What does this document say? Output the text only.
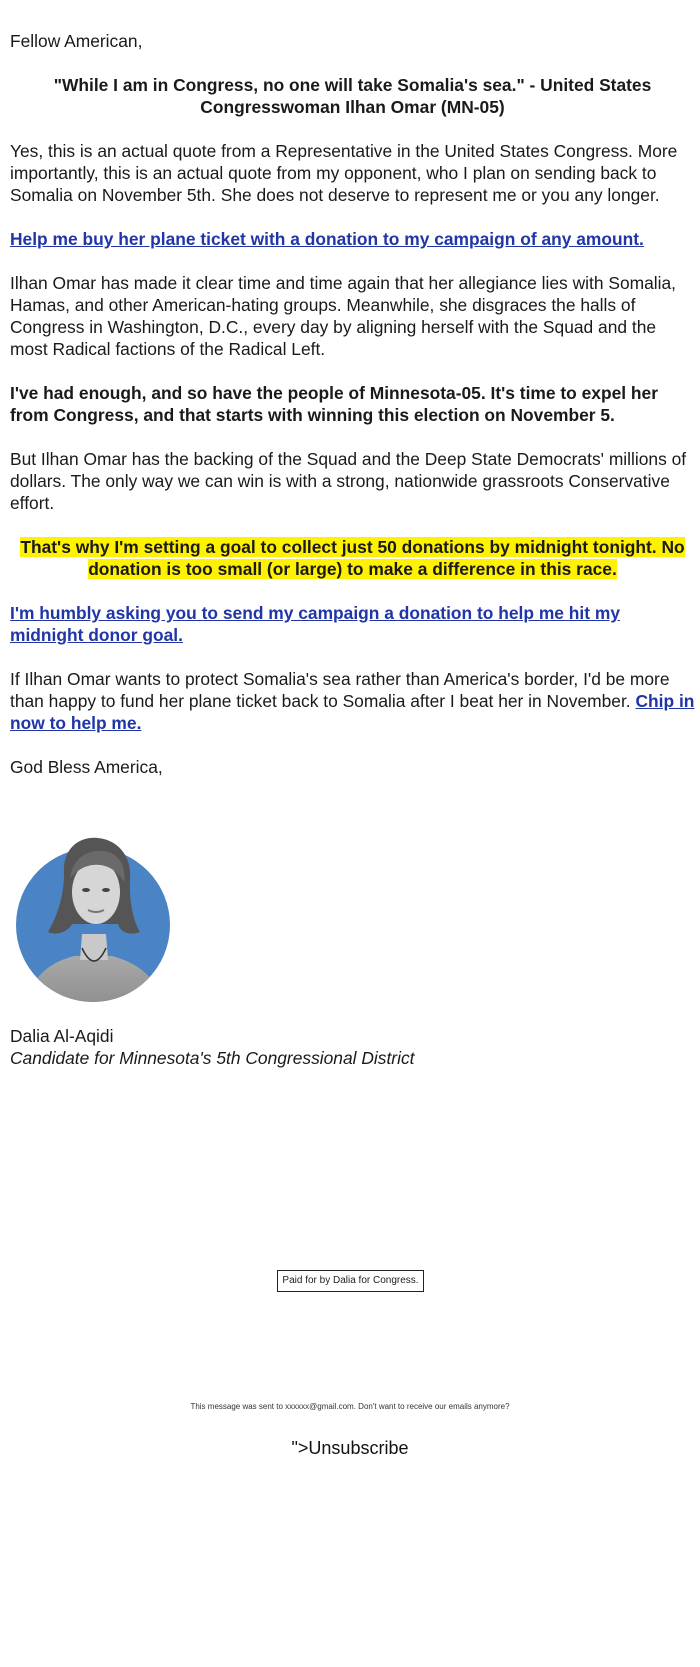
Fellow American,

"While I am in Congress, no one will take Somalia's sea." - United States Congresswoman Ilhan Omar (MN-05)

Yes, this is an actual quote from a Representative in the United States Congress. More importantly, this is an actual quote from my opponent, who I plan on sending back to Somalia on November 5th. She does not deserve to represent me or you any longer.

Help me buy her plane ticket with a donation to my campaign of any amount.

Ilhan Omar has made it clear time and time again that her allegiance lies with Somalia, Hamas, and other American-hating groups. Meanwhile, she disgraces the halls of Congress in Washington, D.C., every day by aligning herself with the Squad and the most Radical factions of the Radical Left.

I've had enough, and so have the people of Minnesota-05. It's time to expel her from Congress, and that starts with winning this election on November 5.

But Ilhan Omar has the backing of the Squad and the Deep State Democrats' millions of dollars. The only way we can win is with a strong, nationwide grassroots Conservative effort.

That's why I'm setting a goal to collect just 50 donations by midnight tonight. No donation is too small (or large) to make a difference in this race.

I'm humbly asking you to send my campaign a donation to help me hit my midnight donor goal.

If Ilhan Omar wants to protect Somalia's sea rather than America's border, I'd be more than happy to fund her plane ticket back to Somalia after I beat her in November. Chip in now to help me.

God Bless America,

Dalia Al-Aqidi
Candidate for Minnesota's 5th Congressional District
Paid for by Dalia for Congress.
This message was sent to xxxxxx@gmail.com. Don't want to receive our emails anymore?
">Unsubscribe
